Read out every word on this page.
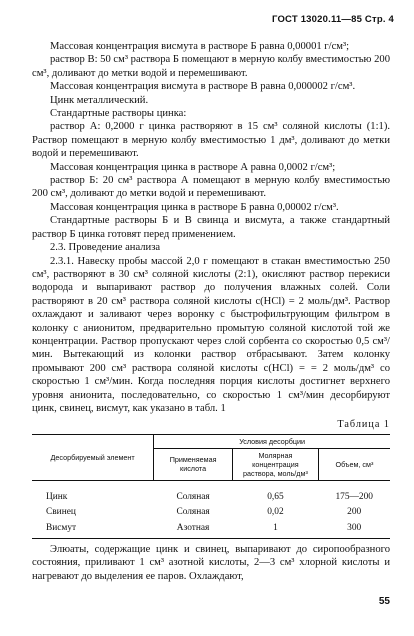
ГОСТ 13020.11—85 Стр. 4

Массовая концентрация висмута в растворе Б равна 0,00001 г/см³;

раствор В: 50 см³ раствора Б помещают в мерную колбу вместимостью 200 см³, доливают до метки водой и перемешивают.

Массовая концентрация висмута в растворе В равна 0,000002 г/см³.

Цинк металлический.

Стандартные растворы цинка:

раствор А: 0,2000 г цинка растворяют в 15 см³ соляной кислоты (1:1). Раствор помещают в мерную колбу вместимостью 1 дм³, доливают до метки водой и перемешивают.

Массовая концентрация цинка в растворе А равна 0,0002 г/см³;

раствор Б: 20 см³ раствора А помещают в мерную колбу вместимостью 200 см³, доливают до метки водой и перемешивают.

Массовая концентрация цинка в растворе Б равна 0,00002 г/см³.

Стандартные растворы Б и В свинца и висмута, а также стандартный раствор Б цинка готовят перед применением.

2.3. Проведение анализа

2.3.1. Навеску пробы массой 2,0 г помещают в стакан вместимостью 250 см³, растворяют в 30 см³ соляной кислоты (2:1), окисляют раствор перекиси водорода и выпаривают раствор до получения влажных солей. Соли растворяют в 20 см³ раствора соляной кислоты c(HCl) = 2 моль/дм³. Раствор охлаждают и заливают через воронку с быстрофильтрующим фильтром в колонку с анионитом, предварительно промытую соляной кислотой той же концентрации. Раствор пропускают через слой сорбента со скоростью 0,5 см³/мин. Вытекающий из колонки раствор отбрасывают. Затем колонку промывают 200 см³ раствора соляной кислоты c(HCl) = = 2 моль/дм³ со скоростью 1 см³/мин. Когда последняя порция кислоты достигнет верхнего уровня анионита, последовательно, со скоростью 1 см³/мин десорбируют цинк, свинец, висмут, как указано в табл. 1

Таблица 1
Десорбируемый элемент	Условия десорбции		
	Применяемая кислота	Молярная концентрация раствора, моль/дм³	Объем, см³
Цинк	Соляная	0,65	175—200
Свинец	Соляная	0,02	200
Висмут	Азотная	1	300

Элюаты, содержащие цинк и свинец, выпаривают до сиропообразного состояния, приливают 1 см³ азотной кислоты, 2—3 см³ хлорной кислоты и нагревают до выделения ее паров. Охлаждают,

55
